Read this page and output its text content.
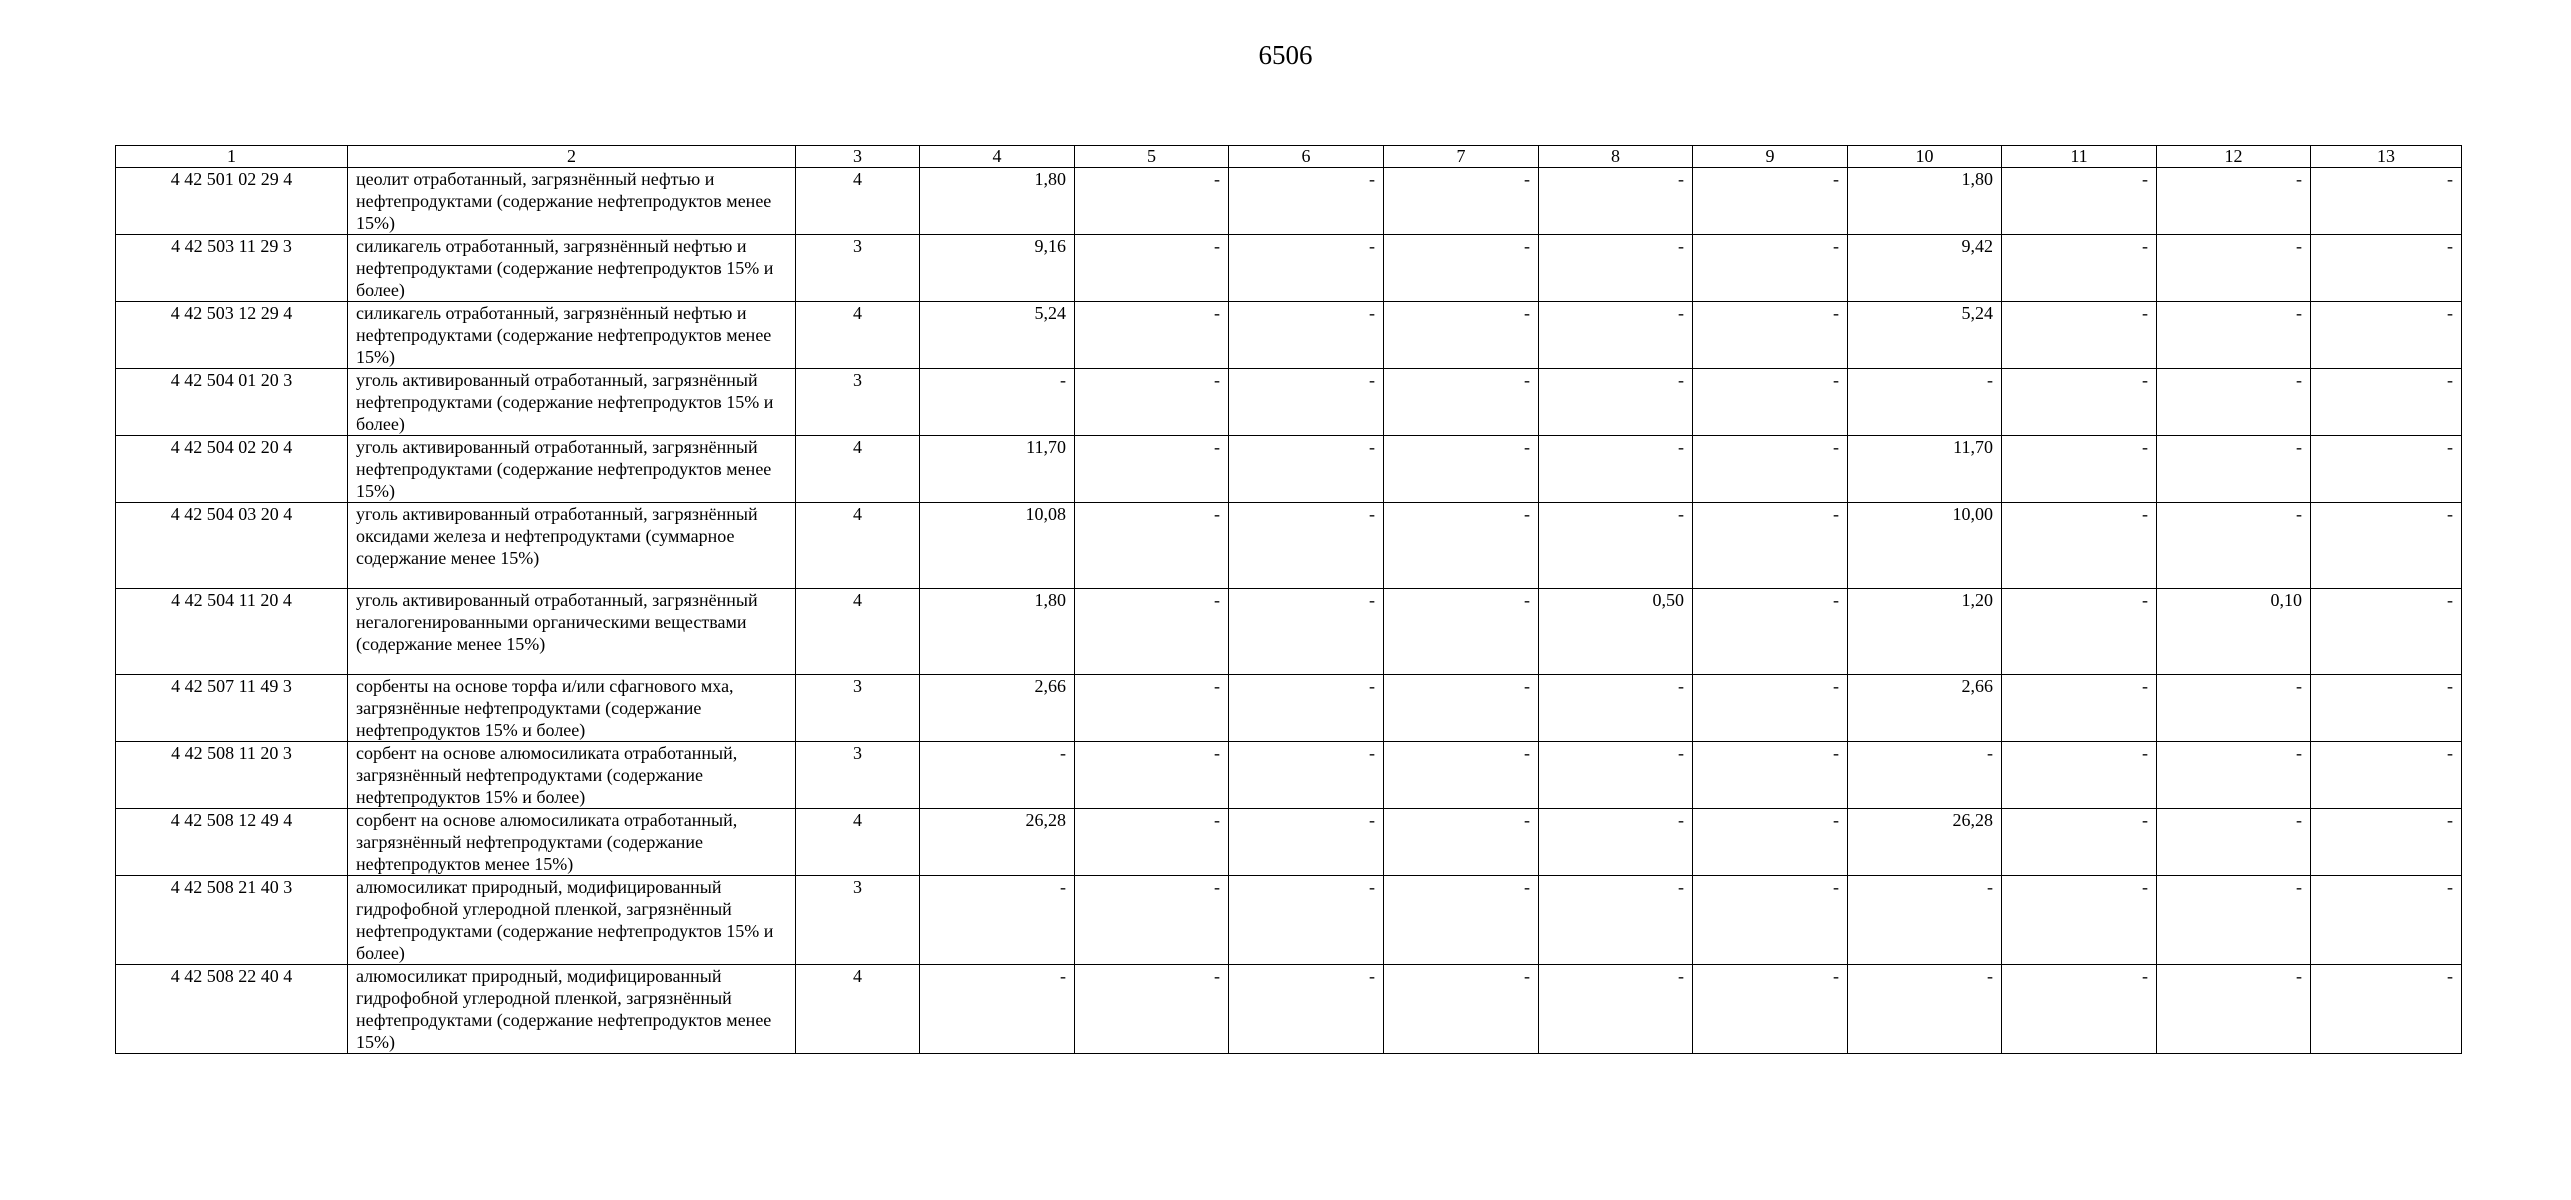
6506
1	2	3	4	5	6	7	8	9	10	11	12	13
4 42 501 02 29 4	цеолит отработанный, загрязнённый нефтью и нефтепродуктами (содержание нефтепродуктов менее 15%)	4	1,80	-	-	-	-	-	1,80	-	-	-
4 42 503 11 29 3	силикагель отработанный, загрязнённый нефтью и нефтепродуктами (содержание нефтепродуктов 15% и более)	3	9,16	-	-	-	-	-	9,42	-	-	-
4 42 503 12 29 4	силикагель отработанный, загрязнённый нефтью и нефтепродуктами (содержание нефтепродуктов менее 15%)	4	5,24	-	-	-	-	-	5,24	-	-	-
4 42 504 01 20 3	уголь активированный отработанный, загрязнённый нефтепродуктами (содержание нефтепродуктов 15% и более)	3	-	-	-	-	-	-	-	-	-	-
4 42 504 02 20 4	уголь активированный отработанный, загрязнённый нефтепродуктами (содержание нефтепродуктов менее 15%)	4	11,70	-	-	-	-	-	11,70	-	-	-
4 42 504 03 20 4	уголь активированный отработанный, загрязнённый оксидами железа и нефтепродуктами (суммарное содержание менее 15%)	4	10,08	-	-	-	-	-	10,00	-	-	-
4 42 504 11 20 4	уголь активированный отработанный, загрязнённый негалогенированными органическими веществами (содержание менее 15%)	4	1,80	-	-	-	0,50	-	1,20	-	0,10	-
4 42 507 11 49 3	сорбенты на основе торфа и/или сфагнового мха, загрязнённые нефтепродуктами (содержание нефтепродуктов 15% и более)	3	2,66	-	-	-	-	-	2,66	-	-	-
4 42 508 11 20 3	сорбент на основе алюмосиликата отработанный, загрязнённый нефтепродуктами (содержание нефтепродуктов 15% и более)	3	-	-	-	-	-	-	-	-	-	-
4 42 508 12 49 4	сорбент на основе алюмосиликата отработанный, загрязнённый нефтепродуктами (содержание нефтепродуктов менее 15%)	4	26,28	-	-	-	-	-	26,28	-	-	-
4 42 508 21 40 3	алюмосиликат природный, модифицированный гидрофобной углеродной пленкой, загрязнённый нефтепродуктами (содержание нефтепродуктов 15% и более)	3	-	-	-	-	-	-	-	-	-	-
4 42 508 22 40 4	алюмосиликат природный, модифицированный гидрофобной углеродной пленкой, загрязнённый нефтепродуктами (содержание нефтепродуктов менее 15%)	4	-	-	-	-	-	-	-	-	-	-
